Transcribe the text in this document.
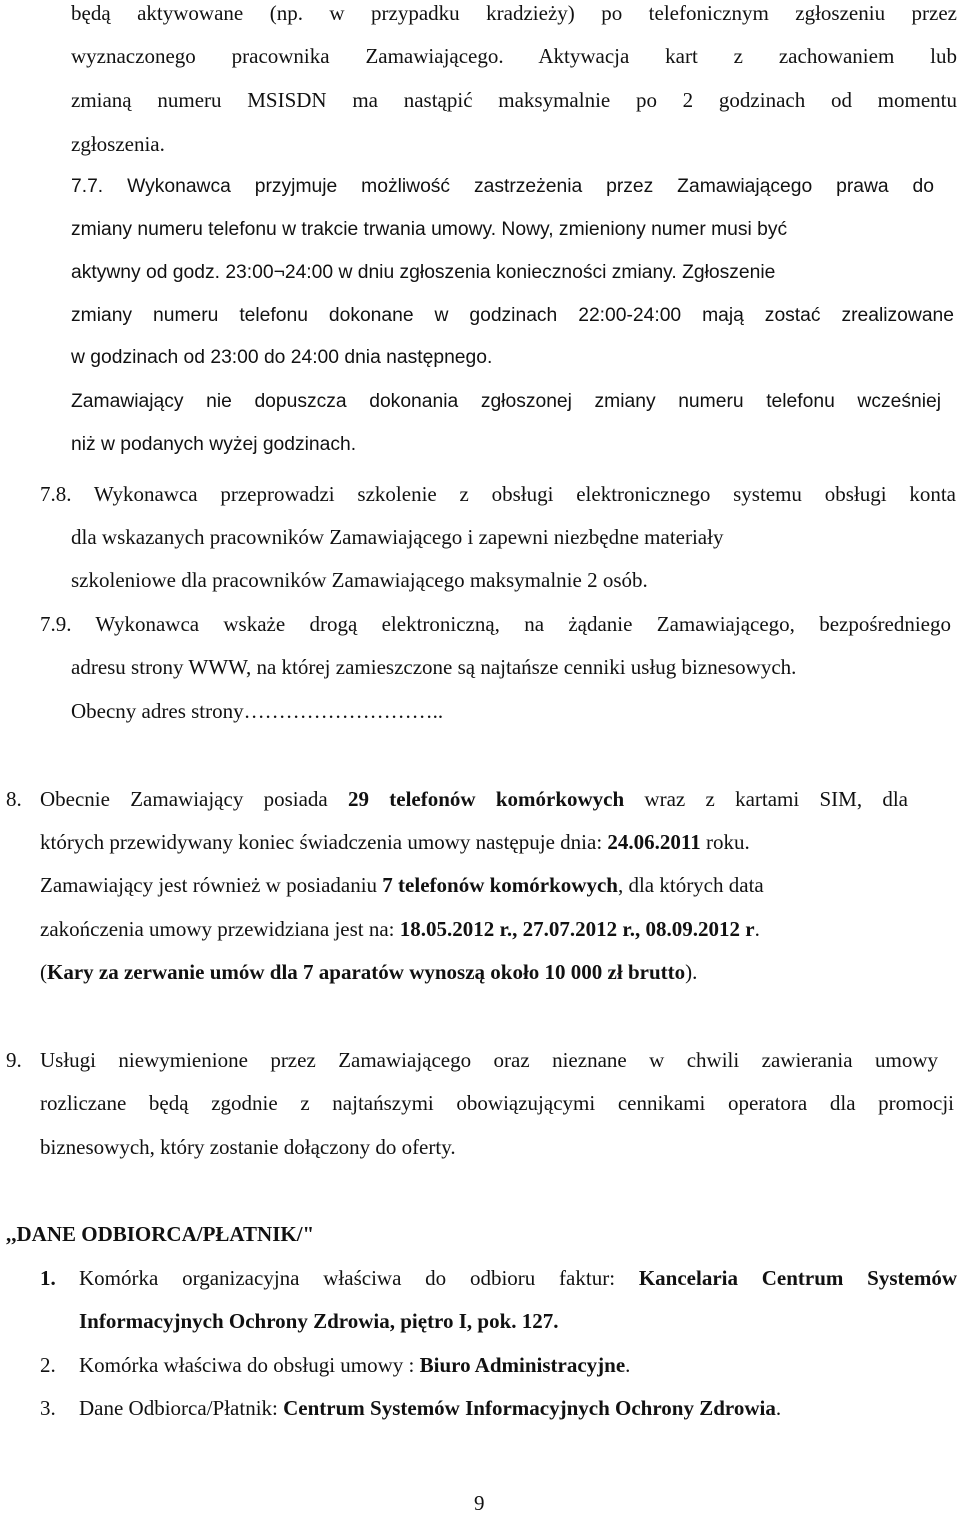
będą aktywowane (np. w przypadku kradzieży) po telefonicznym zgłoszeniu przez
wyznaczonego pracownika Zamawiającego. Aktywacja kart z zachowaniem lub
zmianą numeru MSISDN ma nastąpić maksymalnie po 2 godzinach od momentu
zgłoszenia.
7.7. Wykonawca przyjmuje możliwość zastrzeżenia przez Zamawiającego prawa do
zmiany numeru telefonu w trakcie trwania umowy. Nowy, zmieniony numer musi być
aktywny od godz. 23:00¬24:00 w dniu zgłoszenia konieczności zmiany. Zgłoszenie
zmiany numeru telefonu dokonane w godzinach 22:00-24:00 mają zostać zrealizowane
w godzinach od 23:00 do 24:00 dnia następnego.
Zamawiający nie dopuszcza dokonania zgłoszonej zmiany numeru telefonu wcześniej
niż w podanych wyżej godzinach.
7.8. Wykonawca przeprowadzi szkolenie z obsługi elektronicznego systemu obsługi konta
dla wskazanych pracowników Zamawiającego i zapewni niezbędne materiały
szkoleniowe dla pracowników Zamawiającego maksymalnie 2 osób.
7.9. Wykonawca wskaże drogą elektroniczną, na żądanie Zamawiającego, bezpośredniego
adresu strony WWW, na której zamieszczone są najtańsze cenniki usług biznesowych.
Obecny adres strony………………………..
8. Obecnie Zamawiający posiada 29 telefonów komórkowych wraz z kartami SIM, dla
których przewidywany koniec świadczenia umowy następuje dnia: 24.06.2011 roku.
Zamawiający jest również w posiadaniu 7 telefonów komórkowych, dla których data
zakończenia umowy przewidziana jest na: 18.05.2012 r., 27.07.2012 r., 08.09.2012 r.
(Kary za zerwanie umów dla 7 aparatów wynoszą około 10 000 zł brutto).
9. Usługi niewymienione przez Zamawiającego oraz nieznane w chwili zawierania umowy
rozliczane będą zgodnie z najtańszymi obowiązującymi cennikami operatora dla promocji
biznesowych, który zostanie dołączony do oferty.
,,DANE ODBIORCA/PŁATNIK/"
1. Komórka organizacyjna właściwa do odbioru faktur: Kancelaria Centrum Systemów
Informacyjnych Ochrony Zdrowia, piętro I, pok. 127.
2. Komórka właściwa do obsługi umowy : Biuro Administracyjne.
3. Dane Odbiorca/Płatnik: Centrum Systemów Informacyjnych Ochrony Zdrowia.
9
